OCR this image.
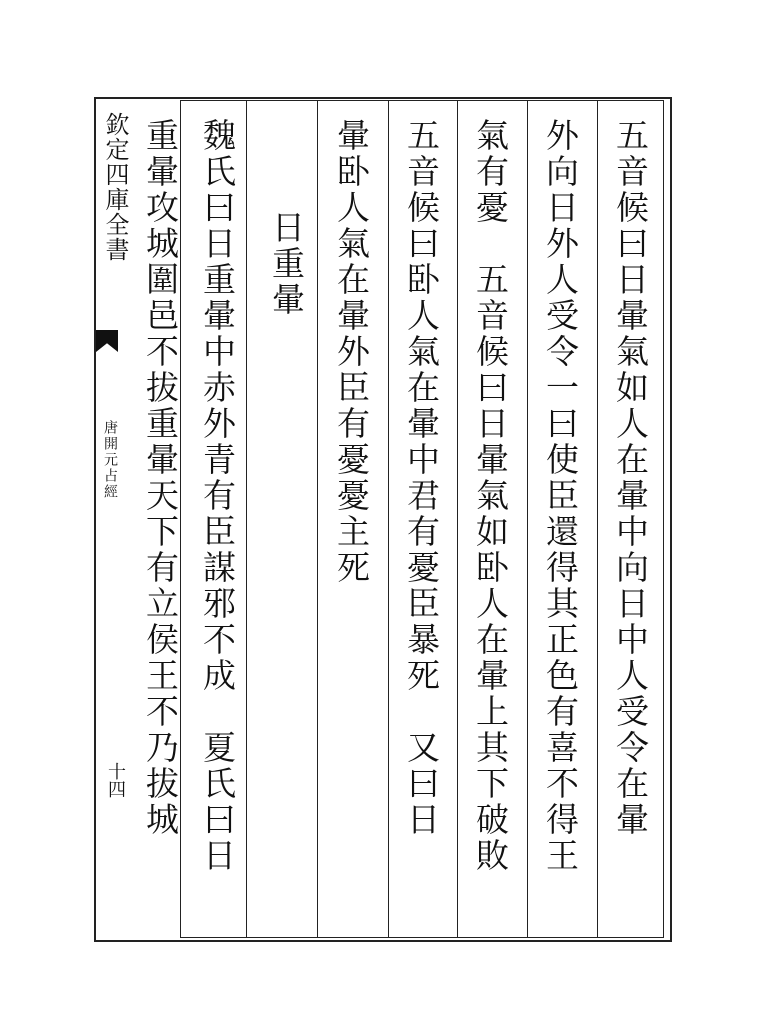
欽定四庫全書
唐開元占經
十四	五音候曰日暈氣如人在暈中向日中人受令在暈
外向日外人受令一曰使臣還得其正色有喜不得王
氣有憂　五音候曰日暈氣如卧人在暈上其下破敗
五音候曰卧人氣在暈中君有憂臣暴死　又曰日
暈卧人氣在暈外臣有憂憂主死
日重暈
魏氏曰日重暈中赤外青有臣謀邪不成　夏氏曰日
重暈攻城圍邑不拔重暈天下有立侯王不乃拔城
